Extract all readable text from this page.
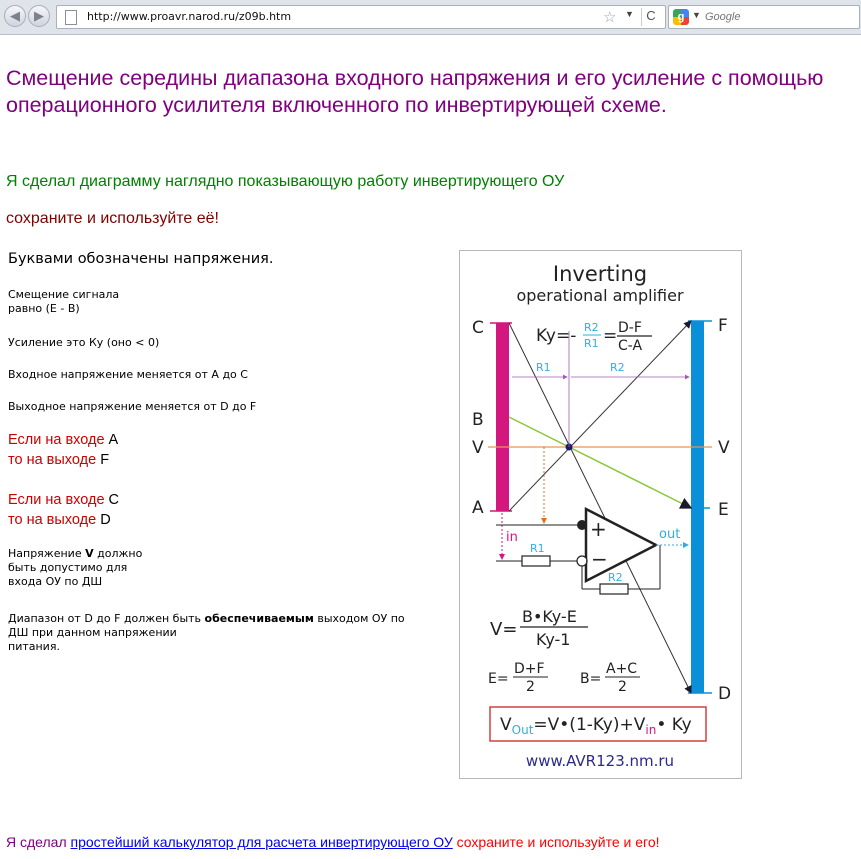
◀	▶	http://www.proavr.narod.ru/z09b.htm	☆ ▼ C	g ▼
Google
Смещение середины диапазона входного напряжения и его усиление с помощью операционного усилителя включенного по инвертирующей схеме.

Я сделал диаграмму наглядно показывающую работу инвертирующего ОУ

сохраните и используйте её!

Буквами обозначены напряжения.
Смещение сигнала
равно (E - B)
Усиление это Ку (оно < 0)
Входное напряжение меняется от A до C
Выходное напряжение меняется от D до F
Если на входе A
то на выходе F
Если на входе C
то на выходе D
Напряжение V должно
быть допустимо для
входа ОУ по ДШ
Диапазон от D до F должен быть обеспечиваемым выходом ОУ по
ДШ при данном напряжении
питания.
Inverting
operational amplifier
C
B
V
A
F
V
E
D
R1	R2
Ky=- R2
R1 = D-F
C-A
in	+
−
R1
R2
out
V=
B•Ky-E
Ky-1
E=
D+F
2	B=
A+C
2
$V_{Out}=V•(1-Ky)+V_{in}•$ Ky
www.AVR123.nm.ru
Я сделал простейший калькулятор для расчета инвертирующего ОУ сохраните и используйте и его!
